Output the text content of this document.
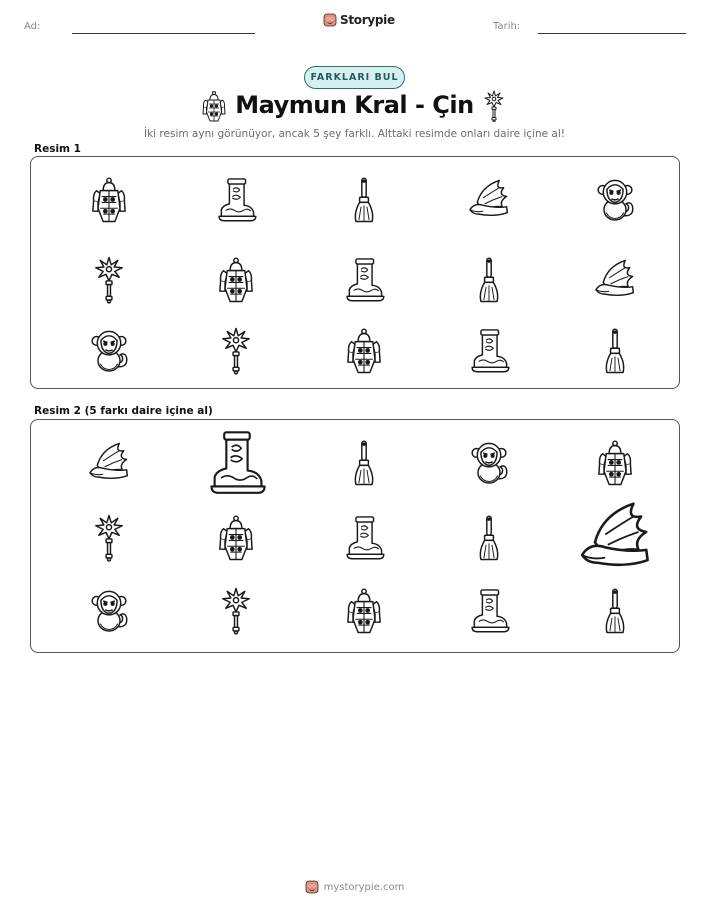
Ad:	Storypie	Tarih:
FARKLARI BUL
Maymun Kral - Çin
İki resim aynı görünüyor, ancak 5 şey farklı. Alttaki resimde onları daire içine al!
Resim 1
Resim 2 (5 farkı daire içine al)
mystorypie.com
